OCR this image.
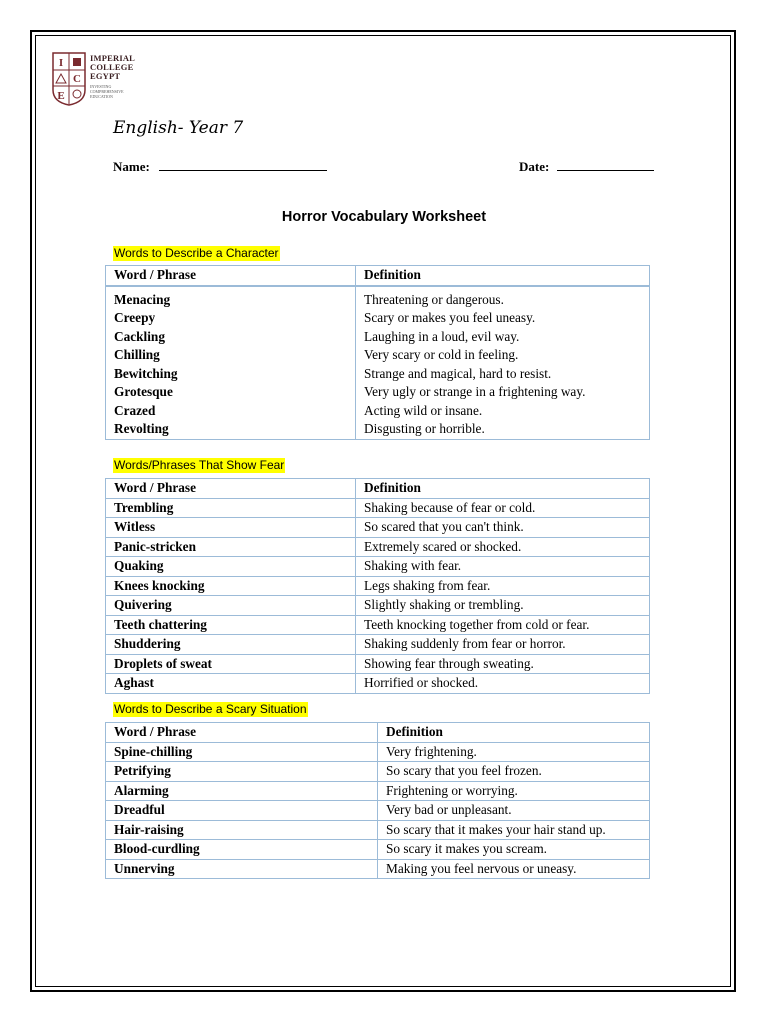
I
C
E
IMPERIAL
COLLEGE
EGYPT
INVESTING
COMPREHENSIVE
EDUCATION
English- Year 7
Name:	Date:
Horror Vocabulary Worksheet
Words to Describe a Character
Word / Phrase	Definition

Menacing	Threatening or dangerous.
Creepy	Scary or makes you feel uneasy.
Cackling	Laughing in a loud, evil way.
Chilling	Very scary or cold in feeling.
Bewitching	Strange and magical, hard to resist.
Grotesque	Very ugly or strange in a frightening way.
Crazed	Acting wild or insane.
Revolting	Disgusting or horrible.
Words/Phrases That Show Fear
Word / Phrase	Definition
Trembling	Shaking because of fear or cold.
Witless	So scared that you can't think.
Panic-stricken	Extremely scared or shocked.
Quaking	Shaking with fear.
Knees knocking	Legs shaking from fear.
Quivering	Slightly shaking or trembling.
Teeth chattering	Teeth knocking together from cold or fear.
Shuddering	Shaking suddenly from fear or horror.
Droplets of sweat	Showing fear through sweating.
Aghast	Horrified or shocked.
Words to Describe a Scary Situation
Word / Phrase	Definition
Spine-chilling	Very frightening.
Petrifying	So scary that you feel frozen.
Alarming	Frightening or worrying.
Dreadful	Very bad or unpleasant.
Hair-raising	So scary that it makes your hair stand up.
Blood-curdling	So scary it makes you scream.
Unnerving	Making you feel nervous or uneasy.
